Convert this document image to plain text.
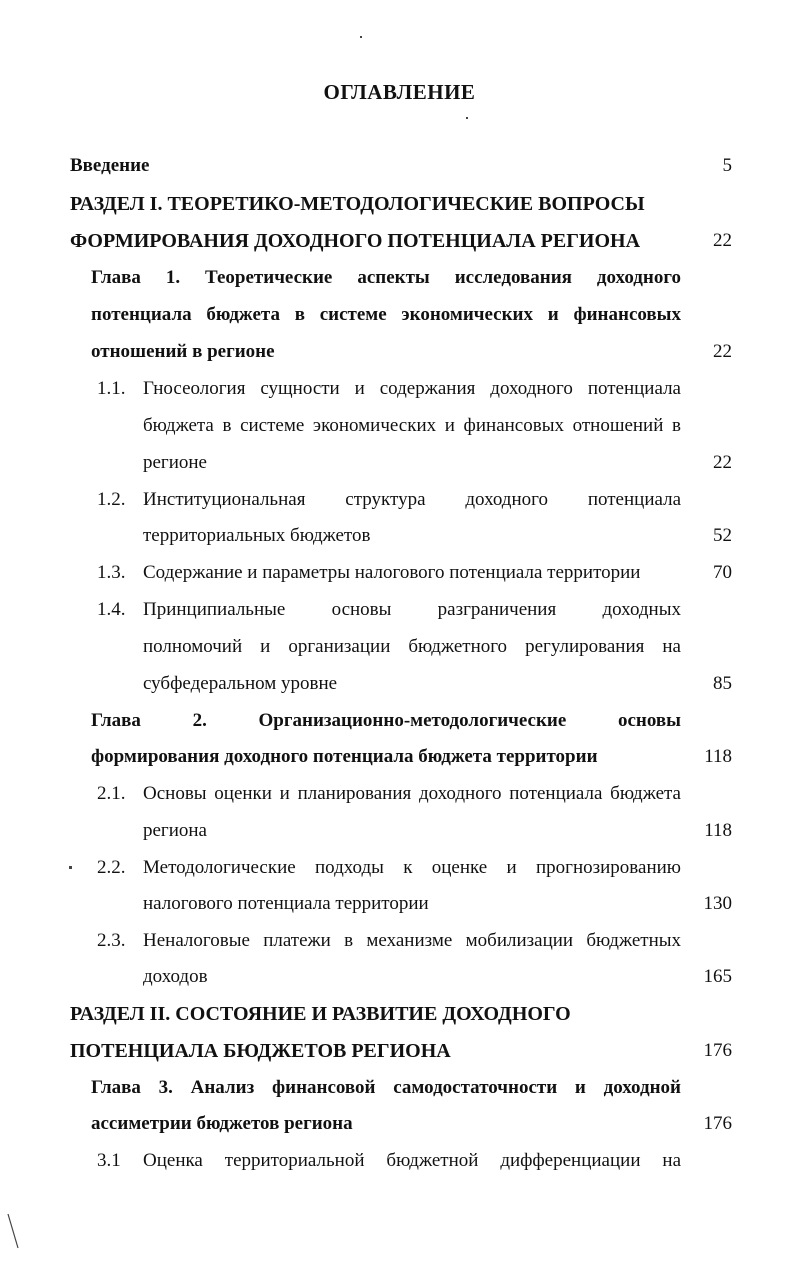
ОГЛАВЛЕНИЕ
Введение	5
РАЗДЕЛ I. ТЕОРЕТИКО-МЕТОДОЛОГИЧЕСКИЕ ВОПРОСЫ
ФОРМИРОВАНИЯ ДОХОДНОГО ПОТЕНЦИАЛА РЕГИОНА	22
Глава 1. Теоретические аспекты исследования доходного
потенциала бюджета в системе экономических и финансовых
отношений в регионе	22
1.1. Гносеология сущности и содержания доходного потенциала
бюджета в системе экономических и финансовых отношений в
регионе	22
1.2. Институциональная структура доходного потенциала
территориальных бюджетов	52
1.3. Содержание и параметры налогового потенциала территории	70
1.4. Принципиальные основы разграничения доходных
полномочий и организации бюджетного регулирования на
субфедеральном уровне	85
Глава 2. Организационно-методологические основы
формирования доходного потенциала бюджета территории	118
2.1. Основы оценки и планирования доходного потенциала бюджета
региона	118
2.2. Методологические подходы к оценке и прогнозированию
налогового потенциала территории	130
2.3. Неналоговые платежи в механизме мобилизации бюджетных
доходов	165
РАЗДЕЛ II. СОСТОЯНИЕ И РАЗВИТИЕ ДОХОДНОГО
ПОТЕНЦИАЛА БЮДЖЕТОВ РЕГИОНА	176
Глава 3. Анализ финансовой самодостаточности и доходной
ассиметрии бюджетов региона	176
3.1 Оценка территориальной бюджетной дифференциации на
